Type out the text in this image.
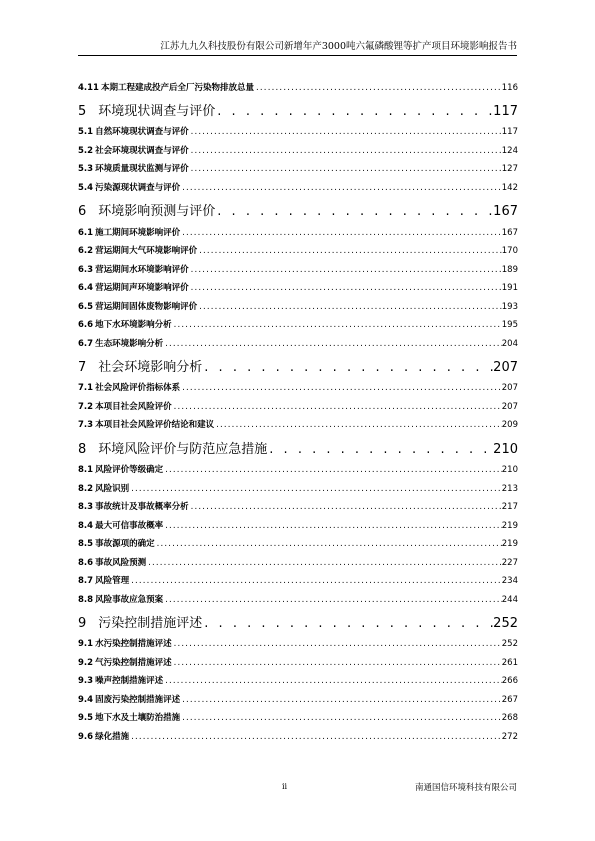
江苏九九久科技股份有限公司新增年产3000吨六氟磷酸锂等扩产项目环境影响报告书
4.11 本期工程建成投产后全厂污染物排放总量 .....	116
5 环境现状调查与评价 . . .	117
5.1 自然环境现状调查与评价 .....	117
5.2 社会环境现状调查与评价 .....	124
5.3 环境质量现状监测与评价 .....	127
5.4 污染源现状调查与评价 .....	142
6 环境影响预测与评价 . . .	167
6.1 施工期间环境影响评价 .....	167
6.2 营运期间大气环境影响评价 .....	170
6.3 营运期间水环境影响评价 .....	189
6.4 营运期间声环境影响评价 .....	191
6.5 营运期间固体废物影响评价 .....	193
6.6 地下水环境影响分析 .....	195
6.7 生态环境影响分析 .....	204
7 社会环境影响分析 . . .	207
7.1 社会风险评价指标体系 .....	207
7.2 本项目社会风险评价 .....	207
7.3 本项目社会风险评价结论和建议 .....	209
8 环境风险评价与防范应急措施 . . .	210
8.1 风险评价等级确定 .....	210
8.2 风险识别 .....	213
8.3 事故统计及事故概率分析 .....	217
8.4 最大可信事故概率 .....	219
8.5 事故源项的确定 .....	219
8.6 事故风险预测 .....	227
8.7 风险管理 .....	234
8.8 风险事故应急预案 .....	244
9 污染控制措施评述 . . .	252
9.1 水污染控制措施评述 .....	252
9.2 气污染控制措施评述 .....	261
9.3 噪声控制措施评述 .....	266
9.4 固废污染控制措施评述 .....	267
9.5 地下水及土壤防治措施 .....	268
9.6 绿化措施 .....	272
ii	南通国信环境科技有限公司
